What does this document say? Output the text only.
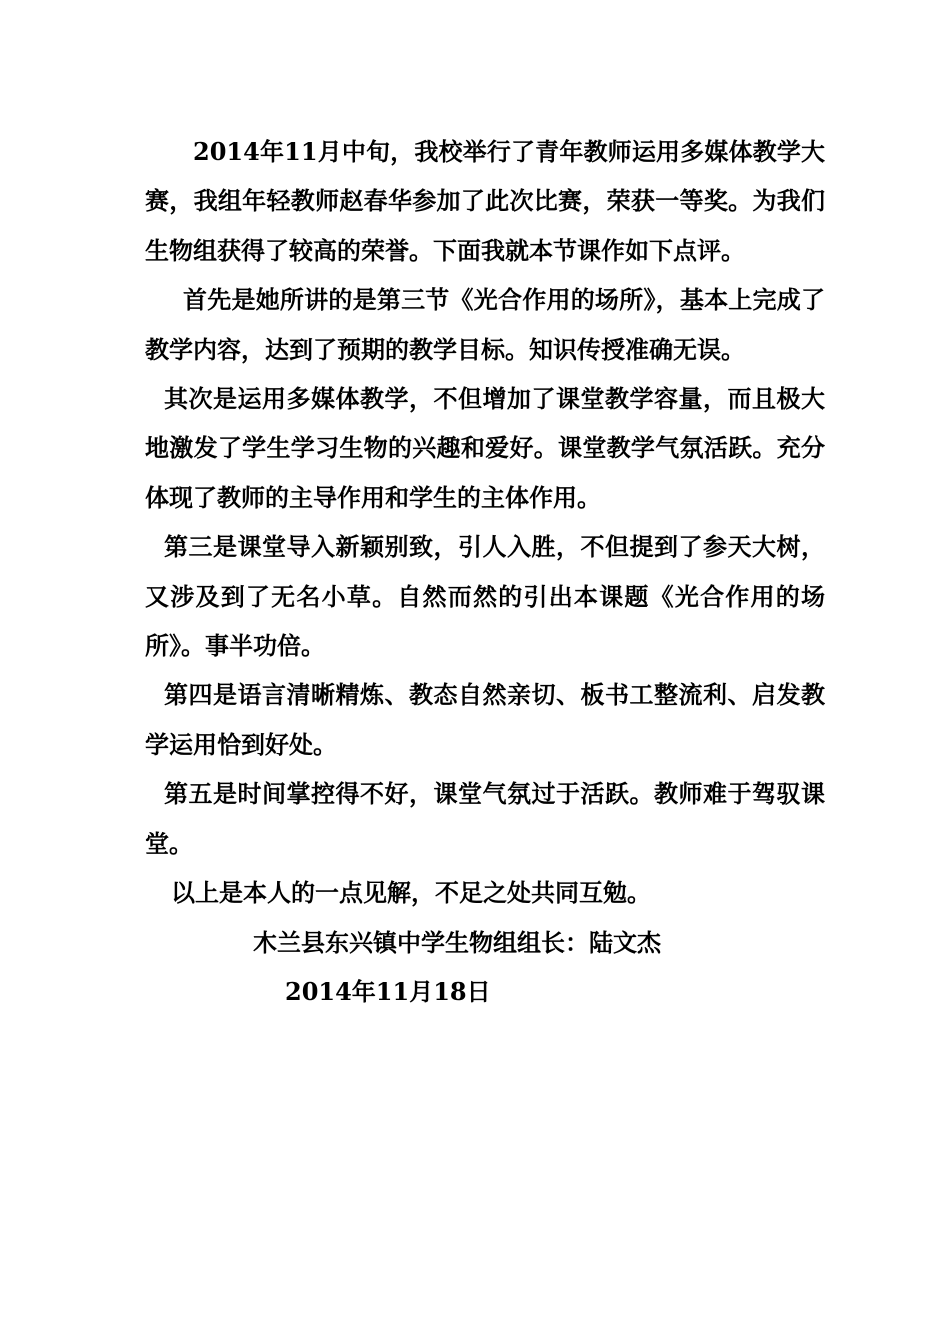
2014年11月中旬，我校举行了青年教师运用多媒体教学大赛，我组年轻教师赵春华参加了此次比赛，荣获一等奖。为我们生物组获得了较高的荣誉。下面我就本节课作如下点评。

首先是她所讲的是第三节《光合作用的场所》，基本上完成了教学内容，达到了预期的教学目标。知识传授准确无误。

其次是运用多媒体教学，不但增加了课堂教学容量，而且极大地激发了学生学习生物的兴趣和爱好。课堂教学气氛活跃。充分体现了教师的主导作用和学生的主体作用。

第三是课堂导入新颖别致，引人入胜，不但提到了参天大树，又涉及到了无名小草。自然而然的引出本课题《光合作用的场所》。事半功倍。

第四是语言清晰精炼、教态自然亲切、板书工整流利、启发教学运用恰到好处。

第五是时间掌控得不好，课堂气氛过于活跃。教师难于驾驭课堂。

以上是本人的一点见解，不足之处共同互勉。

木兰县东兴镇中学生物组组长：陆文杰

2014年11月18日
